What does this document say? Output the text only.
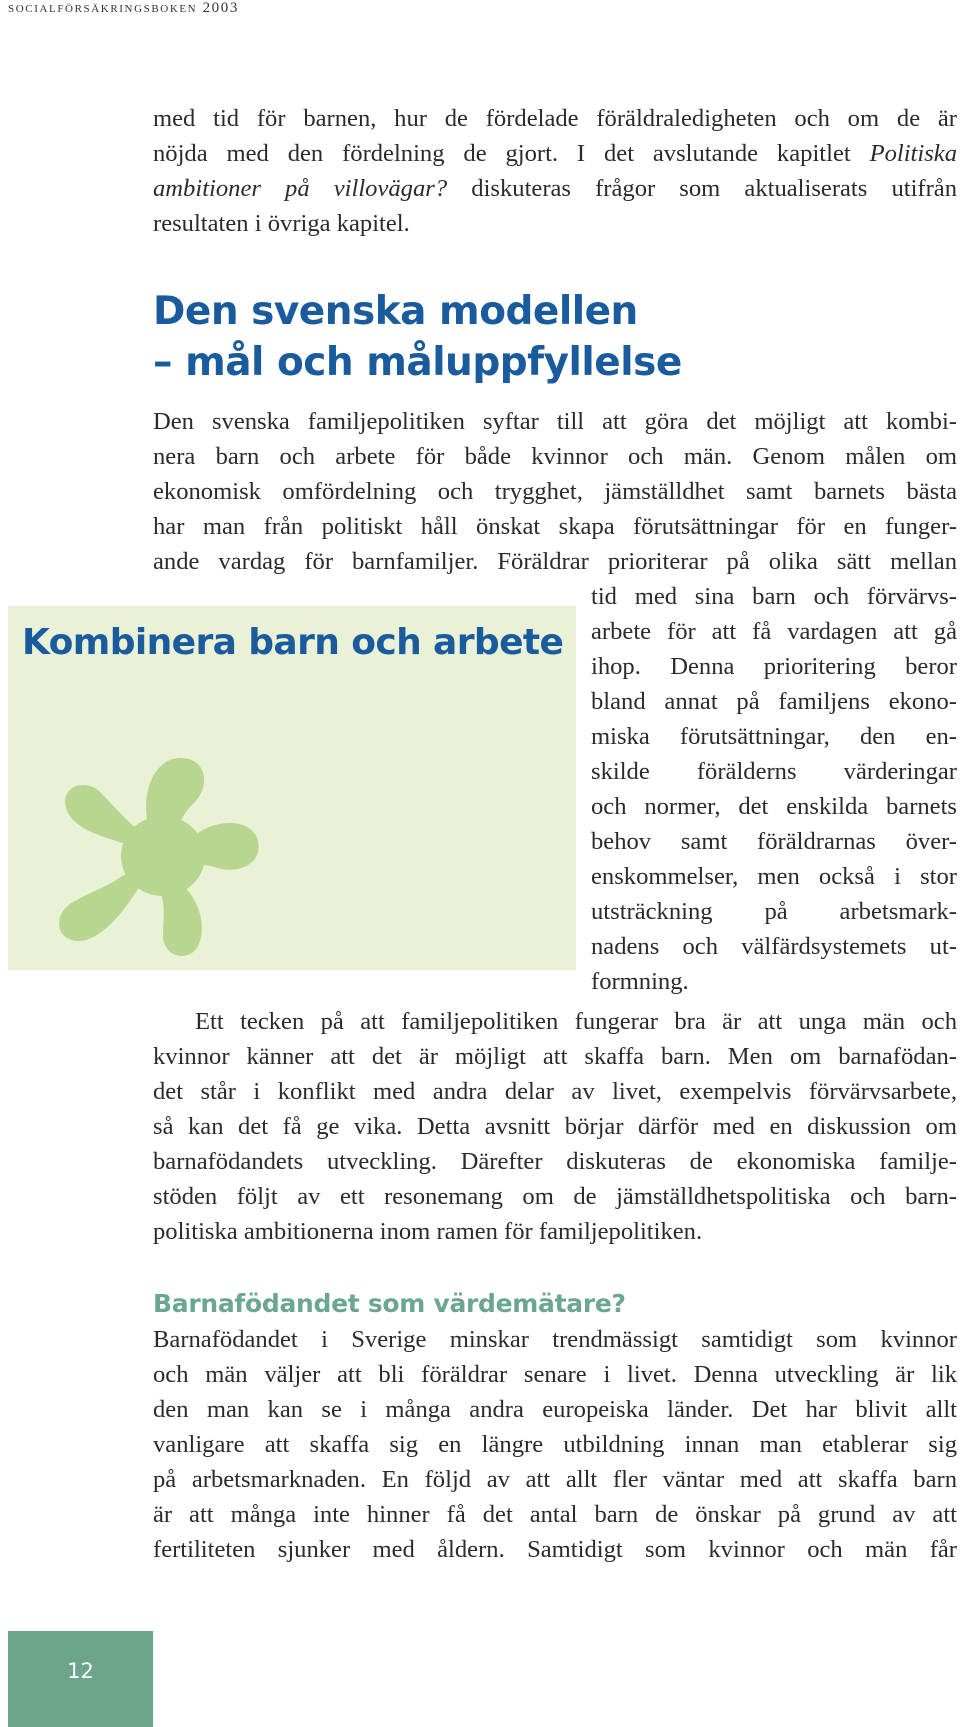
socialförsäkringsboken 2003
med tid för barnen, hur de fördelade föräldraledigheten och om de är
nöjda med den fördelning de gjort. I det avslutande kapitlet Politiska
ambitioner på villovägar? diskuteras frågor som aktualiserats utifrån
resultaten i övriga kapitel.
Den svenska modellen
– mål och måluppfyllelse
Den svenska familjepolitiken syftar till att göra det möjligt att kombi-
nera barn och arbete för både kvinnor och män. Genom målen om
ekonomisk omfördelning och trygghet, jämställdhet samt barnets bästa
har man från politiskt håll önskat skapa förutsättningar för en funger-
ande vardag för barnfamiljer. Föräldrar prioriterar på olika sätt mellan
Kombinera barn och arbete
tid med sina barn och förvärvs-
arbete för att få vardagen att gå
ihop. Denna prioritering beror
bland annat på familjens ekono-
miska förutsättningar, den en-
skilde förälderns värderingar
och normer, det enskilda barnets
behov samt föräldrarnas över-
enskommelser, men också i stor
utsträckning på arbetsmark-
nadens och välfärdsystemets ut-
formning.
Ett tecken på att familjepolitiken fungerar bra är att unga män och
kvinnor känner att det är möjligt att skaffa barn. Men om barnafödan-
det står i konflikt med andra delar av livet, exempelvis förvärvsarbete,
så kan det få ge vika. Detta avsnitt börjar därför med en diskussion om
barnafödandets utveckling. Därefter diskuteras de ekonomiska familje-
stöden följt av ett resonemang om de jämställdhetspolitiska och barn-
politiska ambitionerna inom ramen för familjepolitiken.
Barnafödandet som värdemätare?
Barnafödandet i Sverige minskar trendmässigt samtidigt som kvinnor
och män väljer att bli föräldrar senare i livet. Denna utveckling är lik
den man kan se i många andra europeiska länder. Det har blivit allt
vanligare att skaffa sig en längre utbildning innan man etablerar sig
på arbetsmarknaden. En följd av att allt fler väntar med att skaffa barn
är att många inte hinner få det antal barn de önskar på grund av att
fertiliteten sjunker med åldern. Samtidigt som kvinnor och män får
12
